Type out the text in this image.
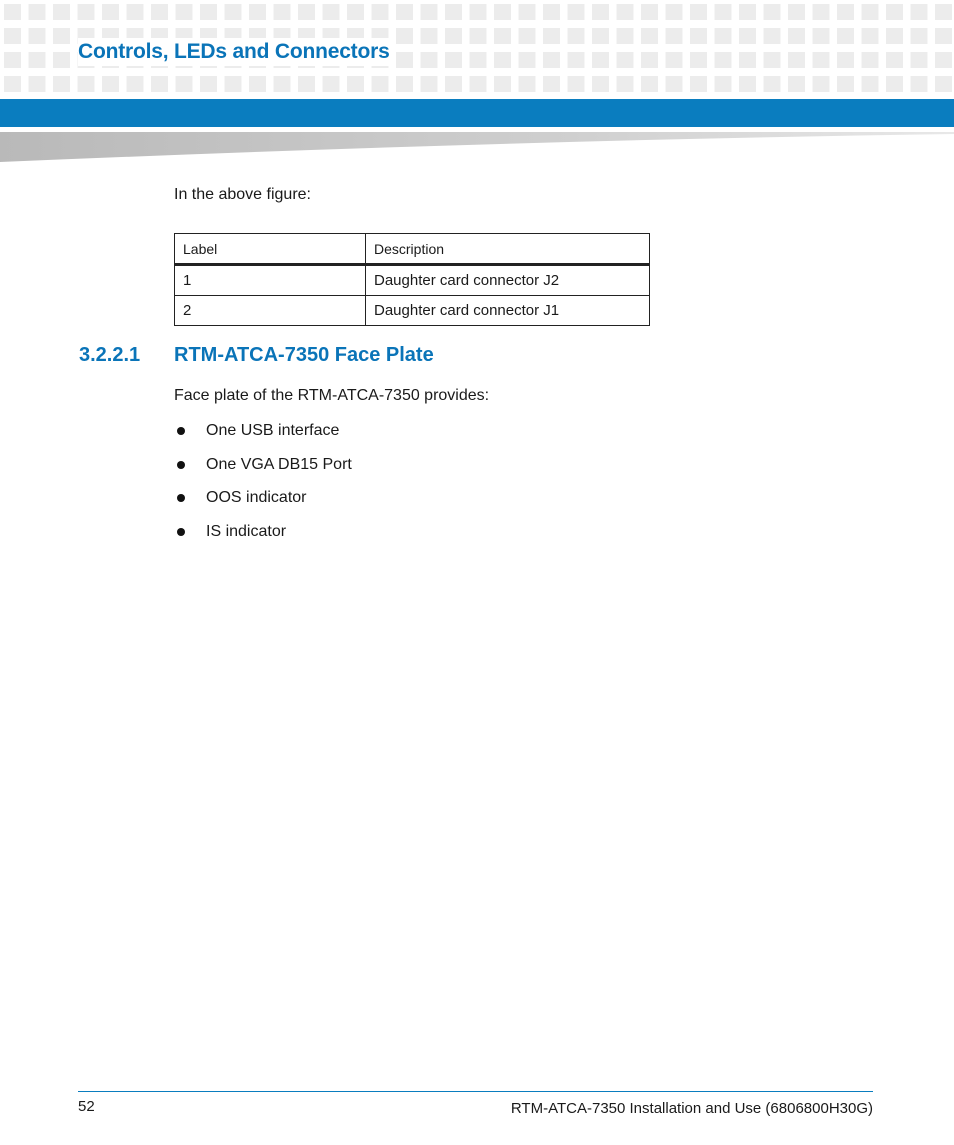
Controls, LEDs and Connectors

In the above figure:

Label	Description
1	Daughter card connector J2
2	Daughter card connector J1
3.2.2.1 RTM-ATCA-7350 Face Plate

Face plate of the RTM-ATCA-7350 provides:

One USB interface
One VGA DB15 Port
OOS indicator
IS indicator

52	RTM-ATCA-7350 Installation and Use (6806800H30G)
